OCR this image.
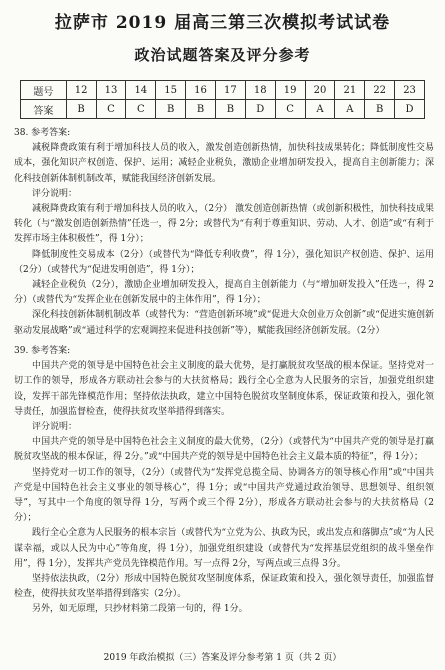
拉萨市 2019 届高三第三次模拟考试试卷
政治试题答案及评分参考
题号	12	13	14	15	16	17	18	19	20	21	22	23
答案	B	C	C	B	B	B	D	C	A	A	B	D

38. 参考答案:

减税降费政策有利于增加科技人员的收入，激发创造创新热情，加快科技成果转化；降低制度性交易成本，强化知识产权创造、保护、运用；减轻企业税负，激励企业增加研发投入，提高自主创新能力；深化科技创新体制机制改革，赋能我国经济创新发展。

评分说明：

减税降费政策有利于增加科技人员的收入，（2分） 激发创造创新热情（或创新积极性，加快科技成果转化（与“激发创造创新热情”任选一，得 2分；或替代为“有利于尊重知识、劳动、人才、创造”或“有利于发挥市场主体积极性”，得 1分）；

降低制度性交易成本（2分）（或替代为“降低专利收费”，得 1分），强化知识产权创造、保护、运用（2分）（或替代为“促进发明创造”，得 1分）；

减轻企业税负（2分），激励企业增加研发投入，提高自主创新能力（与“增加研发投入”任选一，得 2分）（或替代为“发挥企业在创新发展中的主体作用”，得 1分）；

深化科技创新体制机制改革（或替代为：“营造创新环境”或“促进大众创业万众创新”或“促进实施创新驱动发展战略”或“通过科学的宏观调控来促进科技创新”等），赋能我国经济创新发展。（2分）

39. 参考答案:

中国共产党的领导是中国特色社会主义制度的最大优势，是打赢脱贫攻坚战的根本保证。坚持党对一切工作的领导，形成各方联动社会参与的大扶贫格局；践行全心全意为人民服务的宗旨，加强党组织建设，发挥干部先锋模范作用；坚持依法执政，建立中国特色脱贫攻坚制度体系，保证政策和投入，强化领导责任，加强监督检查，使得扶贫攻坚举措得到落实。

评分说明：

中国共产党的领导是中国特色社会主义制度的最大优势，（2分）（或替代为“中国共产党的领导是打赢脱贫攻坚战的根本保证，得 2分。”或“中国共产党的领导是中国特色社会主义最本质的特征”，得 1分）；

坚持党对一切工作的领导，（2分）（或替代为“发挥党总揽全局、协调各方的领导核心作用”或“中国共产党是中国特色社会主义事业的领导核心”，得 1分；或“中国共产党通过政治领导、思想领导、组织领导”，写其中一个角度的领导得 1分，写两个或三个得 2分），形成各方联动社会参与的大扶贫格局（2分）；

践行全心全意为人民服务的根本宗旨（或替代为“立党为公、执政为民，或出发点和落脚点”或“为人民谋幸福，或以人民为中心”等角度，得 1分），加强党组织建设（或替代为“发挥基层党组织的战斗堡垒作用”，得 1分），发挥共产党员先锋模范作用。写一点得 2分，写两点或三点得 3分。

坚持依法执政，（2分）形成中国特色脱贫攻坚制度体系，保证政策和投入，强化领导责任，加强监督检查，使得扶贫攻坚举措得到落实（2分）。

另外，如无原理，只抄材料第二段第一句的，得 1分。

2019 年政治模拟（三）答案及评分参考第 1 页（共 2 页）
